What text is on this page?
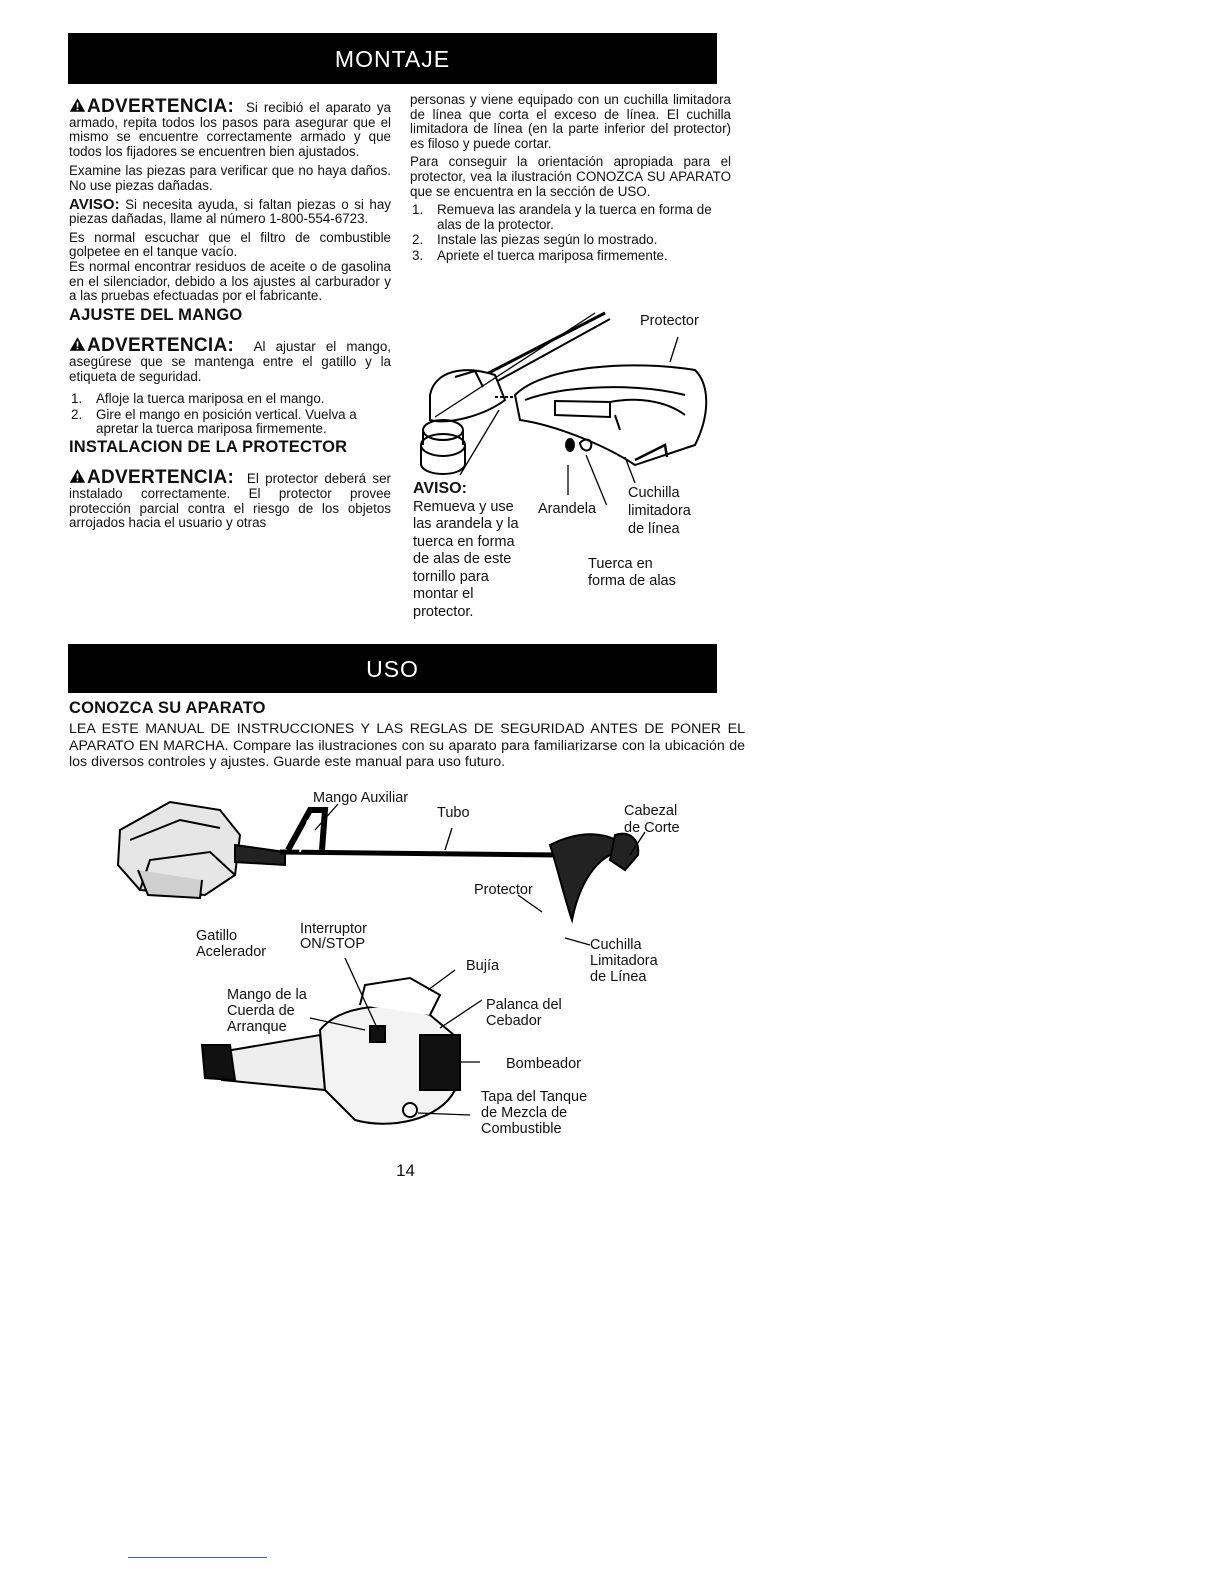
MONTAJE

ADVERTENCIA: Si recibió el aparato ya armado, repita todos los pasos para asegurar que el mismo se encuentre correctamente armado y que todos los fijadores se encuentren bien ajustados.

Examine las piezas para verificar que no haya daños. No use piezas dañadas.

AVISO: Si necesita ayuda, si faltan piezas o si hay piezas dañadas, llame al número 1-800-554-6723.

Es normal escuchar que el filtro de combustible golpetee en el tanque vacío.

Es normal encontrar residuos de aceite o de gasolina en el silenciador, debido a los ajustes al carburador y a las pruebas efectuadas por el fabricante.

AJUSTE DEL MANGO

ADVERTENCIA: Al ajustar el mango, asegúrese que se mantenga entre el gatillo y la etiqueta de seguridad.

1. Afloje la tuerca mariposa en el mango.
2. Gire el mango en posición vertical. Vuelva a apretar la tuerca mariposa firmemente.
INSTALACION DE LA PROTECTOR

ADVERTENCIA: El protector deberá ser instalado correctamente. El protector provee protección parcial contra el riesgo de los objetos arrojados hacia el usuario y otras

personas y viene equipado con un cuchilla limitadora de línea que corta el exceso de línea. El cuchilla limitadora de línea (en la parte inferior del protector) es filoso y puede cortar.

Para conseguir la orientación apropiada para el protector, vea la ilustración CONOZCA SU APARATO que se encuentra en la sección de USO.

1. Remueva las arandela y la tuerca en forma de alas de la protector.
2. Instale las piezas según lo mostrado.
3. Apriete el tuerca mariposa firmemente.
Protector
AVISO:
Remueva y use
las arandela y la
tuerca en forma
de alas de este
tornillo para
montar el
protector.
Arandela
Cuchilla
limitadora
de línea
Tuerca en
forma de alas
USO
CONOZCA SU APARATO
LEA ESTE MANUAL DE INSTRUCCIONES Y LAS REGLAS DE SEGURIDAD ANTES DE PONER EL APARATO EN MARCHA. Compare las ilustraciones con su aparato para familiarizarse con la ubicación de los diversos controles y ajustes. Guarde este manual para uso futuro.
Mango Auxiliar
Tubo	Cabezal
de Corte
Protector
Gatillo
Acelerador
Interruptor
ON/STOP	Cuchilla
Limitadora
de Línea
Bujía
Mango de la
Cuerda de
Arranque
Palanca del
Cebador
Bombeador
Tapa del Tanque
de Mezcla de
Combustible
14
